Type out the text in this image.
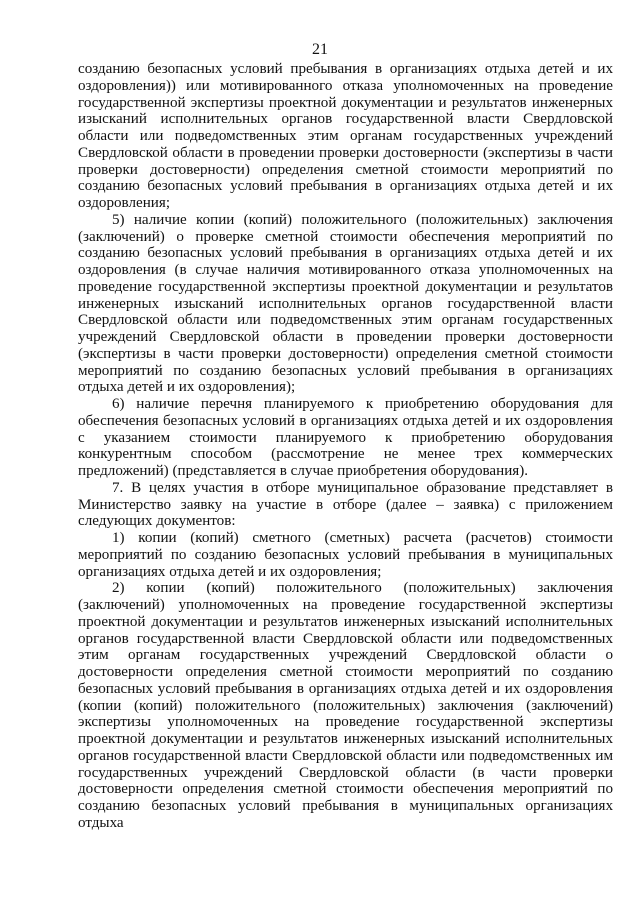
21

созданию безопасных условий пребывания в организациях отдыха детей и их оздоровления)) или мотивированного отказа уполномоченных на проведение государственной экспертизы проектной документации и результатов инженерных изысканий исполнительных органов государственной власти Свердловской области или подведомственных этим органам государственных учреждений Свердловской области в проведении проверки достоверности (экспертизы в части проверки достоверности) определения сметной стоимости мероприятий по созданию безопасных условий пребывания в организациях отдыха детей и их оздоровления;

5) наличие копии (копий) положительного (положительных) заключения (заключений) о проверке сметной стоимости обеспечения мероприятий по созданию безопасных условий пребывания в организациях отдыха детей и их оздоровления (в случае наличия мотивированного отказа уполномоченных на проведение государственной экспертизы проектной документации и результатов инженерных изысканий исполнительных органов государственной власти Свердловской области или подведомственных этим органам государственных учреждений Свердловской области в проведении проверки достоверности (экспертизы в части проверки достоверности) определения сметной стоимости мероприятий по созданию безопасных условий пребывания в организациях отдыха детей и их оздоровления);

6) наличие перечня планируемого к приобретению оборудования для обеспечения безопасных условий в организациях отдыха детей и их оздоровления с указанием стоимости планируемого к приобретению оборудования конкурентным способом (рассмотрение не менее трех коммерческих предложений) (представляется в случае приобретения оборудования).

7. В целях участия в отборе муниципальное образование представляет в Министерство заявку на участие в отборе (далее – заявка) с приложением следующих документов:

1) копии (копий) сметного (сметных) расчета (расчетов) стоимости мероприятий по созданию безопасных условий пребывания в муниципальных организациях отдыха детей и их оздоровления;

2) копии (копий) положительного (положительных) заключения (заключений) уполномоченных на проведение государственной экспертизы проектной документации и результатов инженерных изысканий исполнительных органов государственной власти Свердловской области или подведомственных этим органам государственных учреждений Свердловской области о достоверности определения сметной стоимости мероприятий по созданию безопасных условий пребывания в организациях отдыха детей и их оздоровления (копии (копий) положительного (положительных) заключения (заключений) экспертизы уполномоченных на проведение государственной экспертизы проектной документации и результатов инженерных изысканий исполнительных органов государственной власти Свердловской области или подведомственных им государственных учреждений Свердловской области (в части проверки достоверности определения сметной стоимости обеспечения мероприятий по созданию безопасных условий пребывания в муниципальных организациях отдыха
